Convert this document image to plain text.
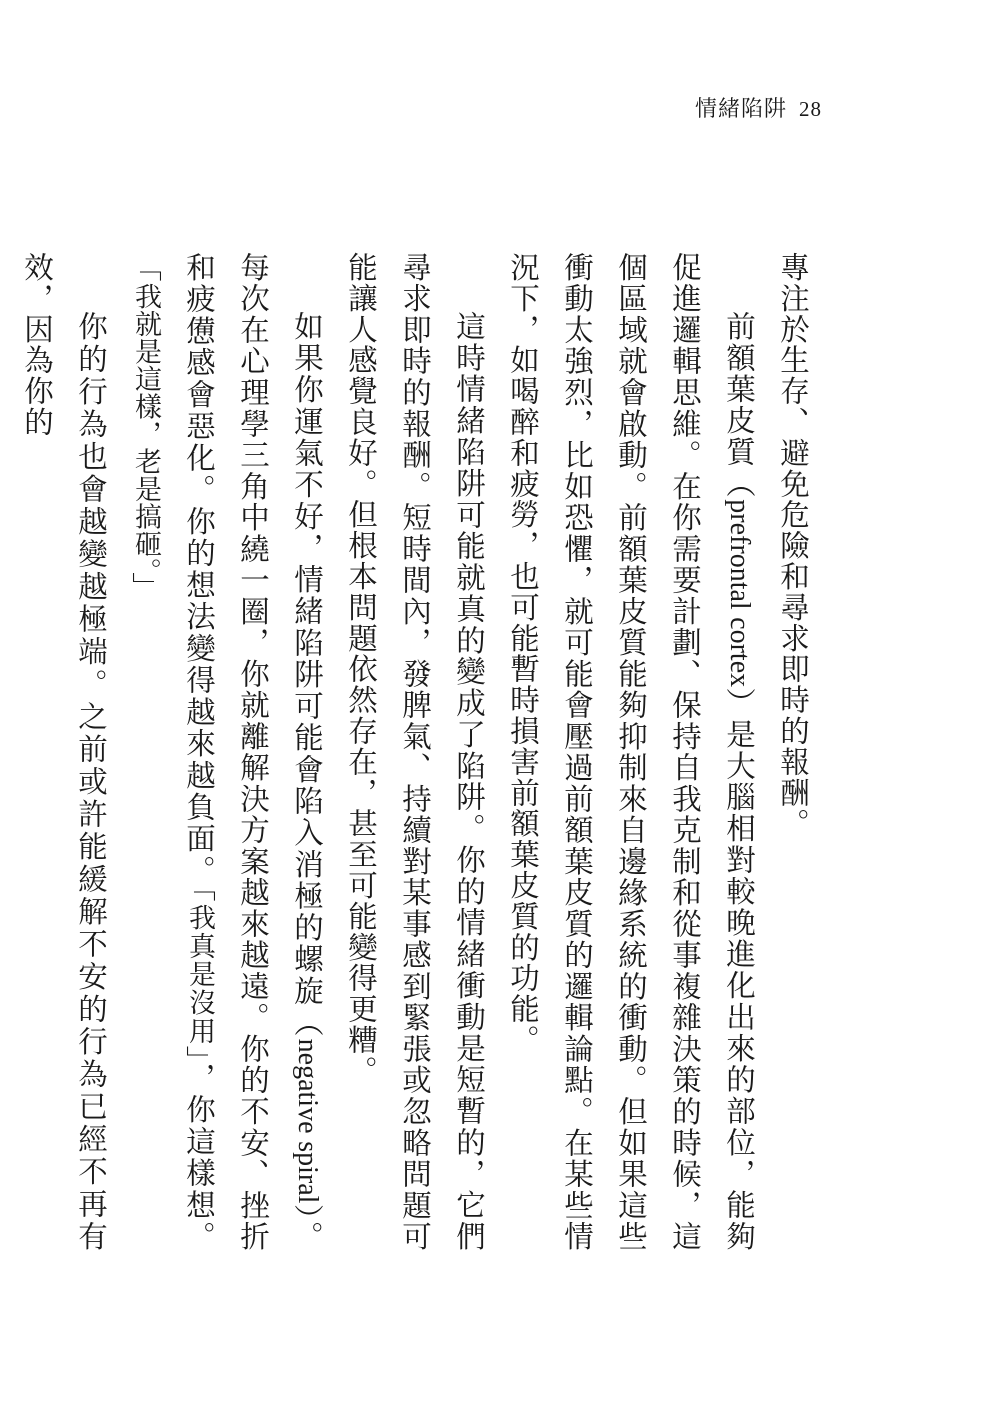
情緒陷阱 28

專注於生存、避免危險和尋求即時的報酬。

前額葉皮質（prefrontal cortex）是大腦相對較晚進化出來的部位，能夠促進邏輯思維。在你需要計劃、保持自我克制和從事複雜決策的時候，這個區域就會啟動。前額葉皮質能夠抑制來自邊緣系統的衝動。但如果這些衝動太強烈，比如恐懼，就可能會壓過前額葉皮質的邏輯論點。在某些情況下，如喝醉和疲勞，也可能暫時損害前額葉皮質的功能。

這時情緒陷阱可能就真的變成了陷阱。你的情緒衝動是短暫的，它們尋求即時的報酬。短時間內，發脾氣、持續對某事感到緊張或忽略問題可能讓人感覺良好。但根本問題依然存在，甚至可能變得更糟。

如果你運氣不好，情緒陷阱可能會陷入消極的螺旋（negative spiral）。每次在心理學三角中繞一圈，你就離解決方案越來越遠。你的不安、挫折和疲憊感會惡化。你的想法變得越來越負面。「我真是沒用」，你這樣想。「我就是這樣，老是搞砸。」

你的行為也會越變越極端。之前或許能緩解不安的行為已經不再有效，因為你的
